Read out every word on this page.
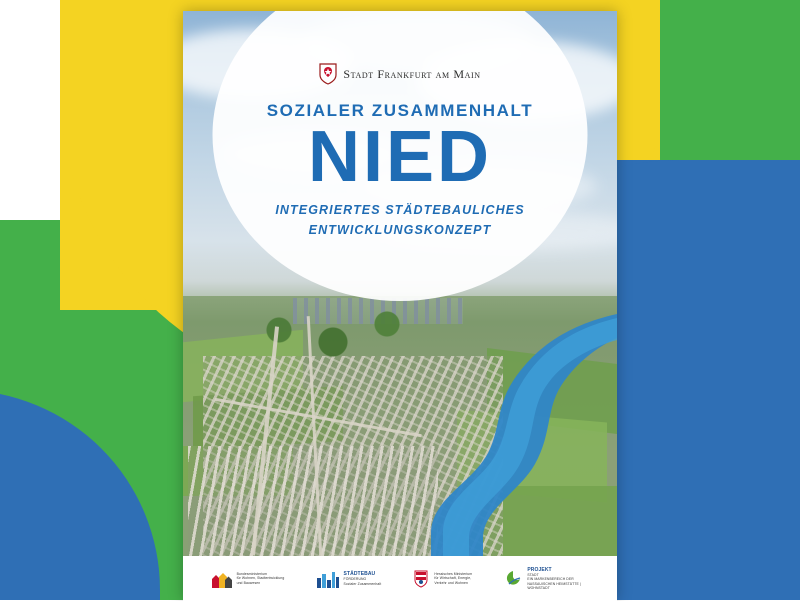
Stadt Frankfurt am Main
SOZIALER ZUSAMMENHALT
NIED
INTEGRIERTES STÄDTEBAULICHES
ENTWICKLUNGSKONZEPT
Bundesministerium
für Wohnen, Stadtentwicklung
und Bauwesen
STÄDTEBAU
FÖRDERUNG
Sozialer Zusammenhalt
Hessisches Ministerium
für Wirtschaft, Energie,
Verkehr und Wohnen
PROJEKT
STADT
EIN MARKENBEREICH DER NASSAUISCHEN HEIMSTÄTTE | WOHNSTADT
